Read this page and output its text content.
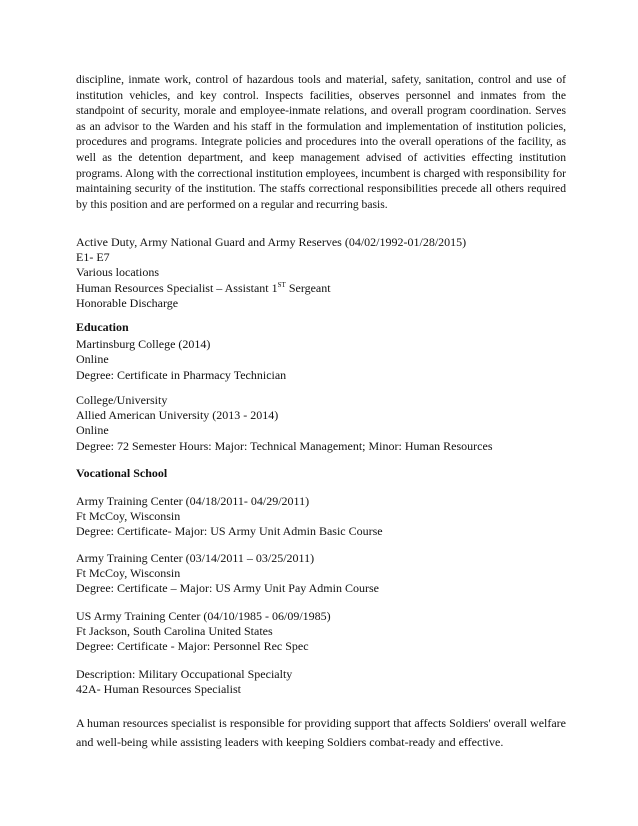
discipline, inmate work, control of hazardous tools and material, safety, sanitation, control and use of institution vehicles, and key control. Inspects facilities, observes personnel and inmates from the standpoint of security, morale and employee-inmate relations, and overall program coordination. Serves as an advisor to the Warden and his staff in the formulation and implementation of institution policies, procedures and programs. Integrate policies and procedures into the overall operations of the facility, as well as the detention department, and keep management advised of activities effecting institution programs. Along with the correctional institution employees, incumbent is charged with responsibility for maintaining security of the institution. The staffs correctional responsibilities precede all others required by this position and are performed on a regular and recurring basis.

Active Duty, Army National Guard and Army Reserves (04/02/1992-01/28/2015)
E1- E7
Various locations
Human Resources Specialist – Assistant 1ST Sergeant
Honorable Discharge
Education
Martinsburg College (2014)
Online
Degree: Certificate in Pharmacy Technician
College/University
Allied American University (2013 - 2014)
Online
Degree: 72 Semester Hours: Major: Technical Management; Minor: Human Resources
Vocational School
Army Training Center (04/18/2011- 04/29/2011)
Ft McCoy, Wisconsin
Degree: Certificate- Major: US Army Unit Admin Basic Course
Army Training Center (03/14/2011 – 03/25/2011)
Ft McCoy, Wisconsin
Degree: Certificate – Major: US Army Unit Pay Admin Course
US Army Training Center (04/10/1985 - 06/09/1985)
Ft Jackson, South Carolina United States
Degree: Certificate - Major: Personnel Rec Spec
Description: Military Occupational Specialty
42A- Human Resources Specialist

A human resources specialist is responsible for providing support that affects Soldiers' overall welfare and well-being while assisting leaders with keeping Soldiers combat-ready and effective.
